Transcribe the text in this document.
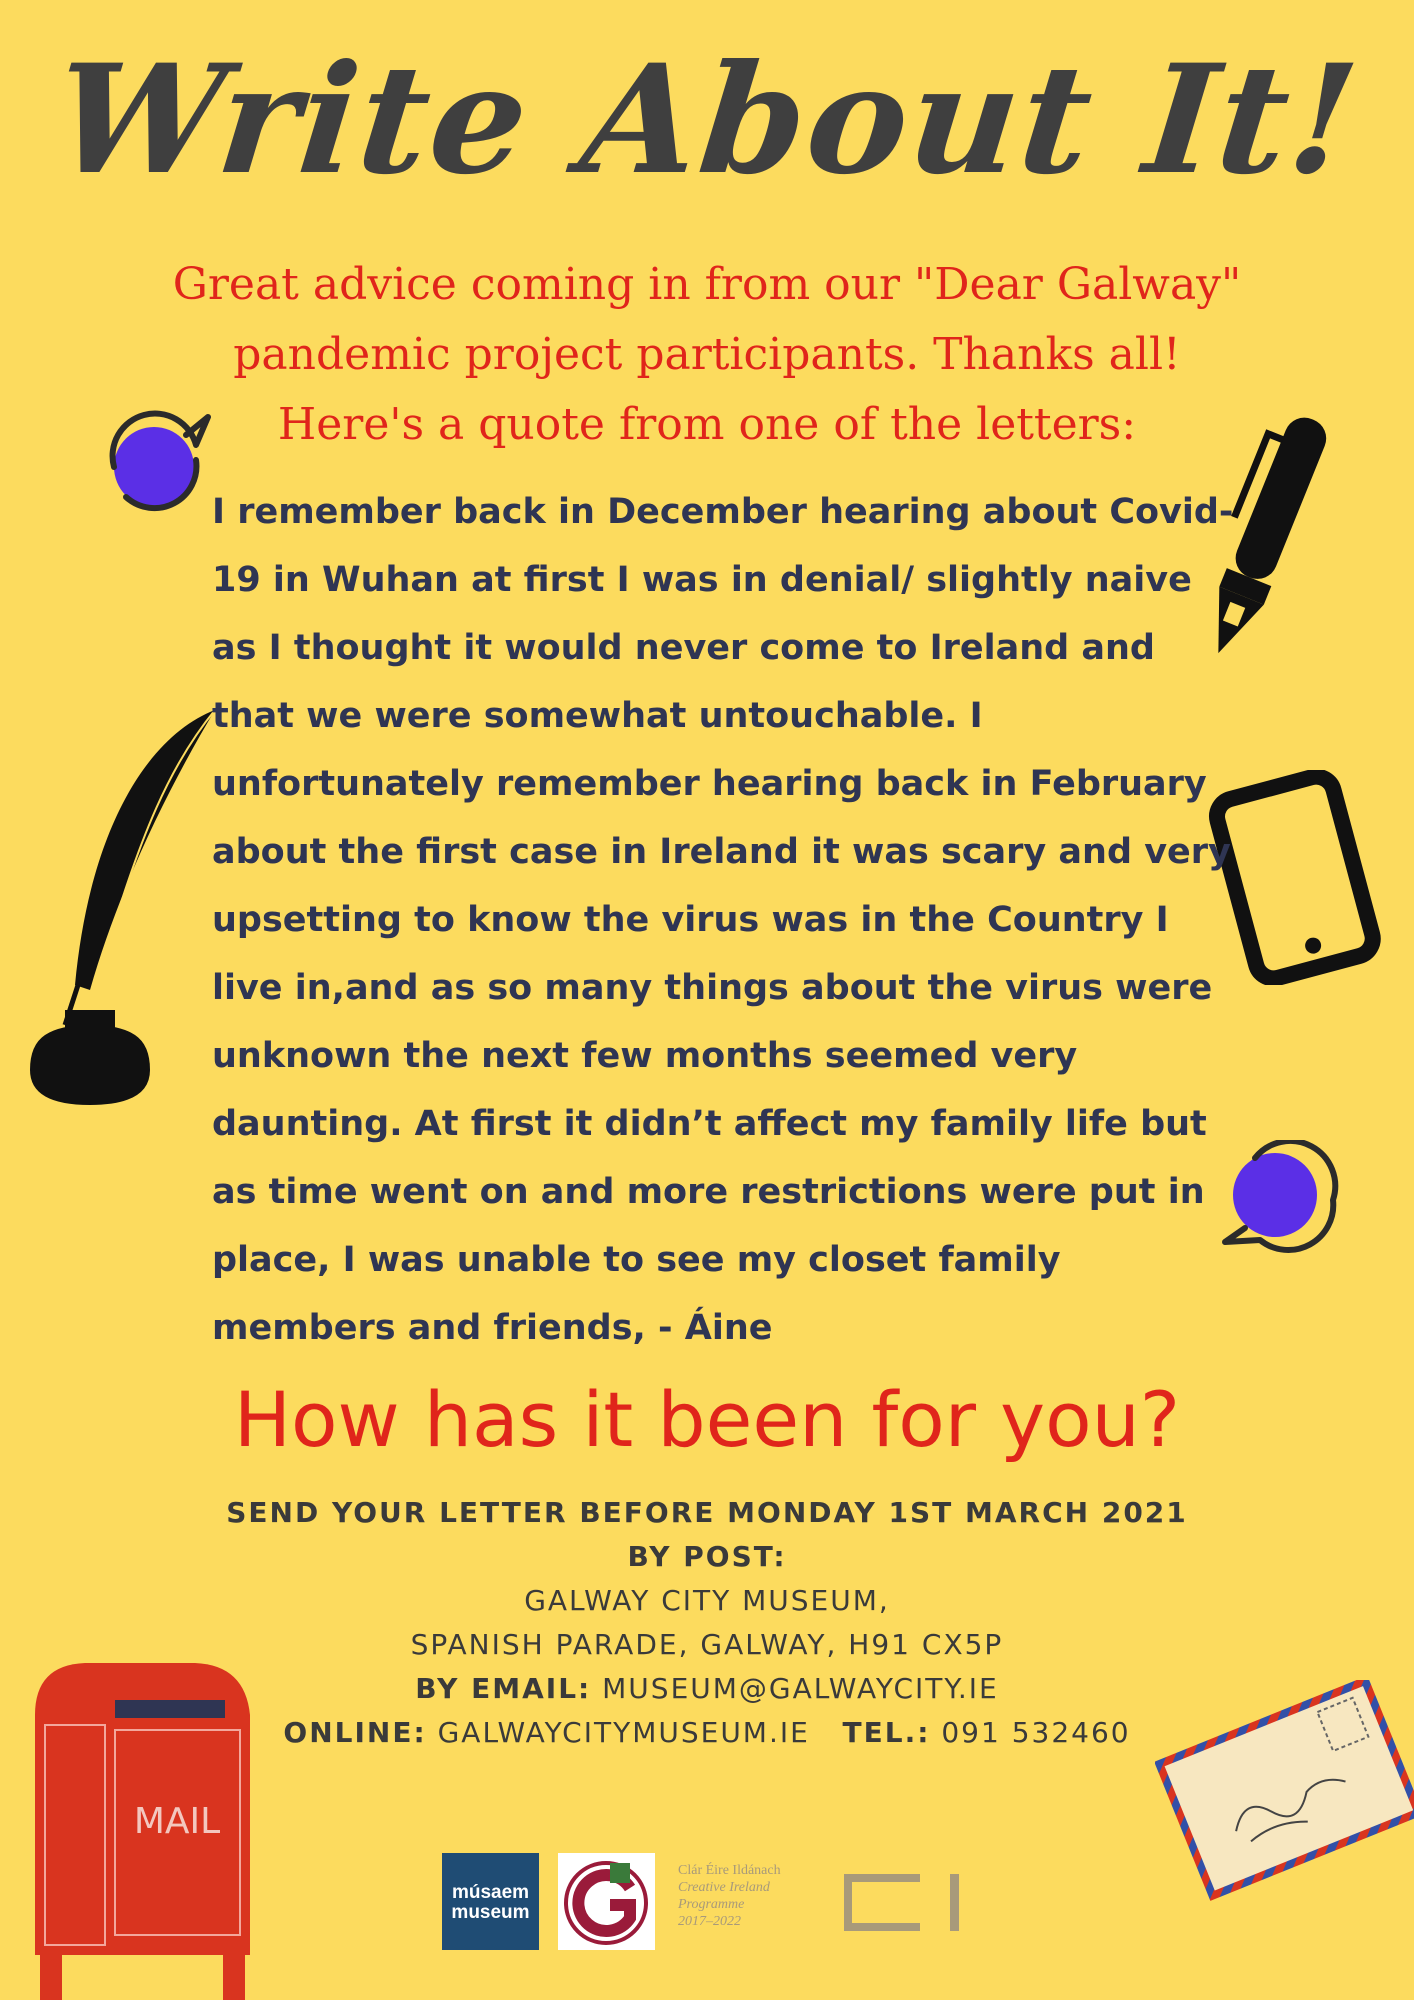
Write About It!
Great advice coming in from our "Dear Galway"
pandemic project participants. Thanks all!
Here's a quote from one of the letters:
I remember back in December hearing about Covid-19 in Wuhan at first I was in denial/ slightly naive as I thought it would never come to Ireland and that we were somewhat untouchable. I unfortunately remember hearing back in February about the first case in Ireland it was scary and very upsetting to know the virus was in the Country I live in,and as so many things about the virus were unknown the next few months seemed very daunting. At first it didn’t affect my family life but as time went on and more restrictions were put in place, I was unable to see my closet family members and friends, - Áine
How has it been for you?
SEND YOUR LETTER BEFORE MONDAY 1ST MARCH 2021
BY POST:
GALWAY CITY MUSEUM,
SPANISH PARADE, GALWAY, H91 CX5P
BY EMAIL: MUSEUM@GALWAYCITY.IE
ONLINE: GALWAYCITYMUSEUM.IE TEL.: 091 532460
MAIL
músaem
museum
Clár Éire Ildánach
Creative Ireland
Programme
2017–2022
